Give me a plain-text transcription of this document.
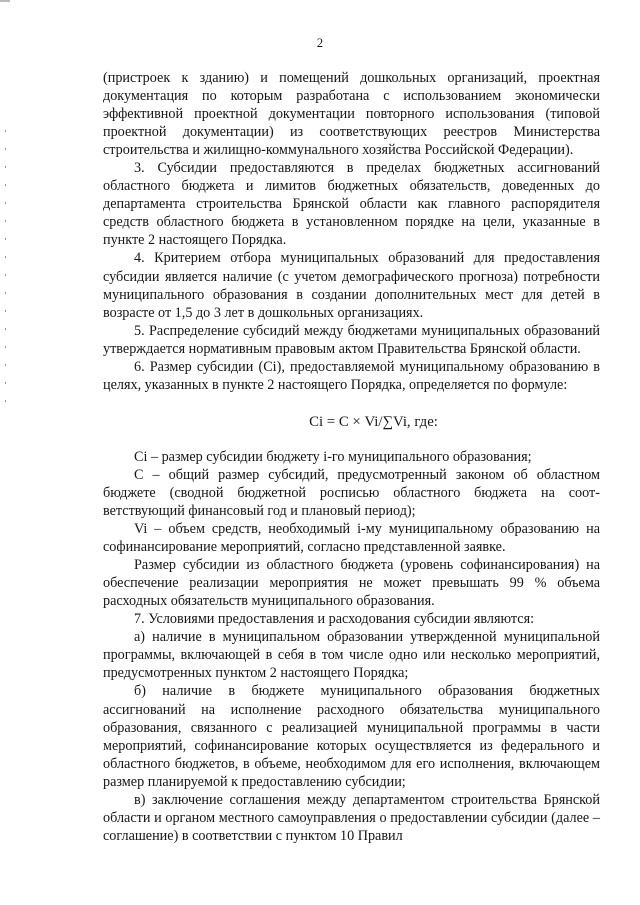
2

(пристроек к зданию) и помещений дошкольных организаций, проектная документация по которым разработана с использованием экономически эффективной проектной документации повторного использования (типовой проектной документации) из соответствующих реестров Министерства строительства и жилищно-коммунального хозяйства Российской Федерации).

3. Субсидии предоставляются в пределах бюджетных ассигнований областного бюджета и лимитов бюджетных обязательств, доведенных до департамента строительства Брянской области как главного распорядителя средств областного бюджета в установленном порядке на цели, указанные в пункте 2 настоящего Порядка.

4. Критерием отбора муниципальных образований для предоставления субсидии является наличие (с учетом демографического прогноза) потребности муниципального образования в создании дополнительных мест для детей в возрасте от 1,5 до 3 лет в дошкольных организациях.

5. Распределение субсидий между бюджетами муниципальных образований утверждается нормативным правовым актом Правительства Брянской области.

6. Размер субсидии (Ci), предоставляемой муниципальному образованию в целях, указанных в пункте 2 настоящего Порядка, определяется по формуле:

Ci = С × Vi/∑Vi, где:

Ci – размер субсидии бюджету i-го муниципального образования;

С – общий размер субсидий, предусмотренный законом об областном бюджете (сводной бюджетной росписью областного бюджета на соответствующий финансовый год и плановый период);

Vi – объем средств, необходимый i-му муниципальному образованию на софинансирование мероприятий, согласно представленной заявке.

Размер субсидии из областного бюджета (уровень софинансирования) на обеспечение реализации мероприятия не может превышать 99 % объема расходных обязательств муниципального образования.

7. Условиями предоставления и расходования субсидии являются:

а) наличие в муниципальном образовании утвержденной муниципальной программы, включающей в себя в том числе одно или несколько мероприятий, предусмотренных пунктом 2 настоящего Порядка;

б) наличие в бюджете муниципального образования бюджетных ассигнований на исполнение расходного обязательства муниципального образования, связанного с реализацией муниципальной программы в части мероприятий, софинансирование которых осуществляется из федерального и областного бюджетов, в объеме, необходимом для его исполнения, включающем размер планируемой к предоставлению субсидии;

в) заключение соглашения между департаментом строительства Брянской области и органом местного самоуправления о предоставлении субсидии (далее – соглашение) в соответствии с пунктом 10 Правил
